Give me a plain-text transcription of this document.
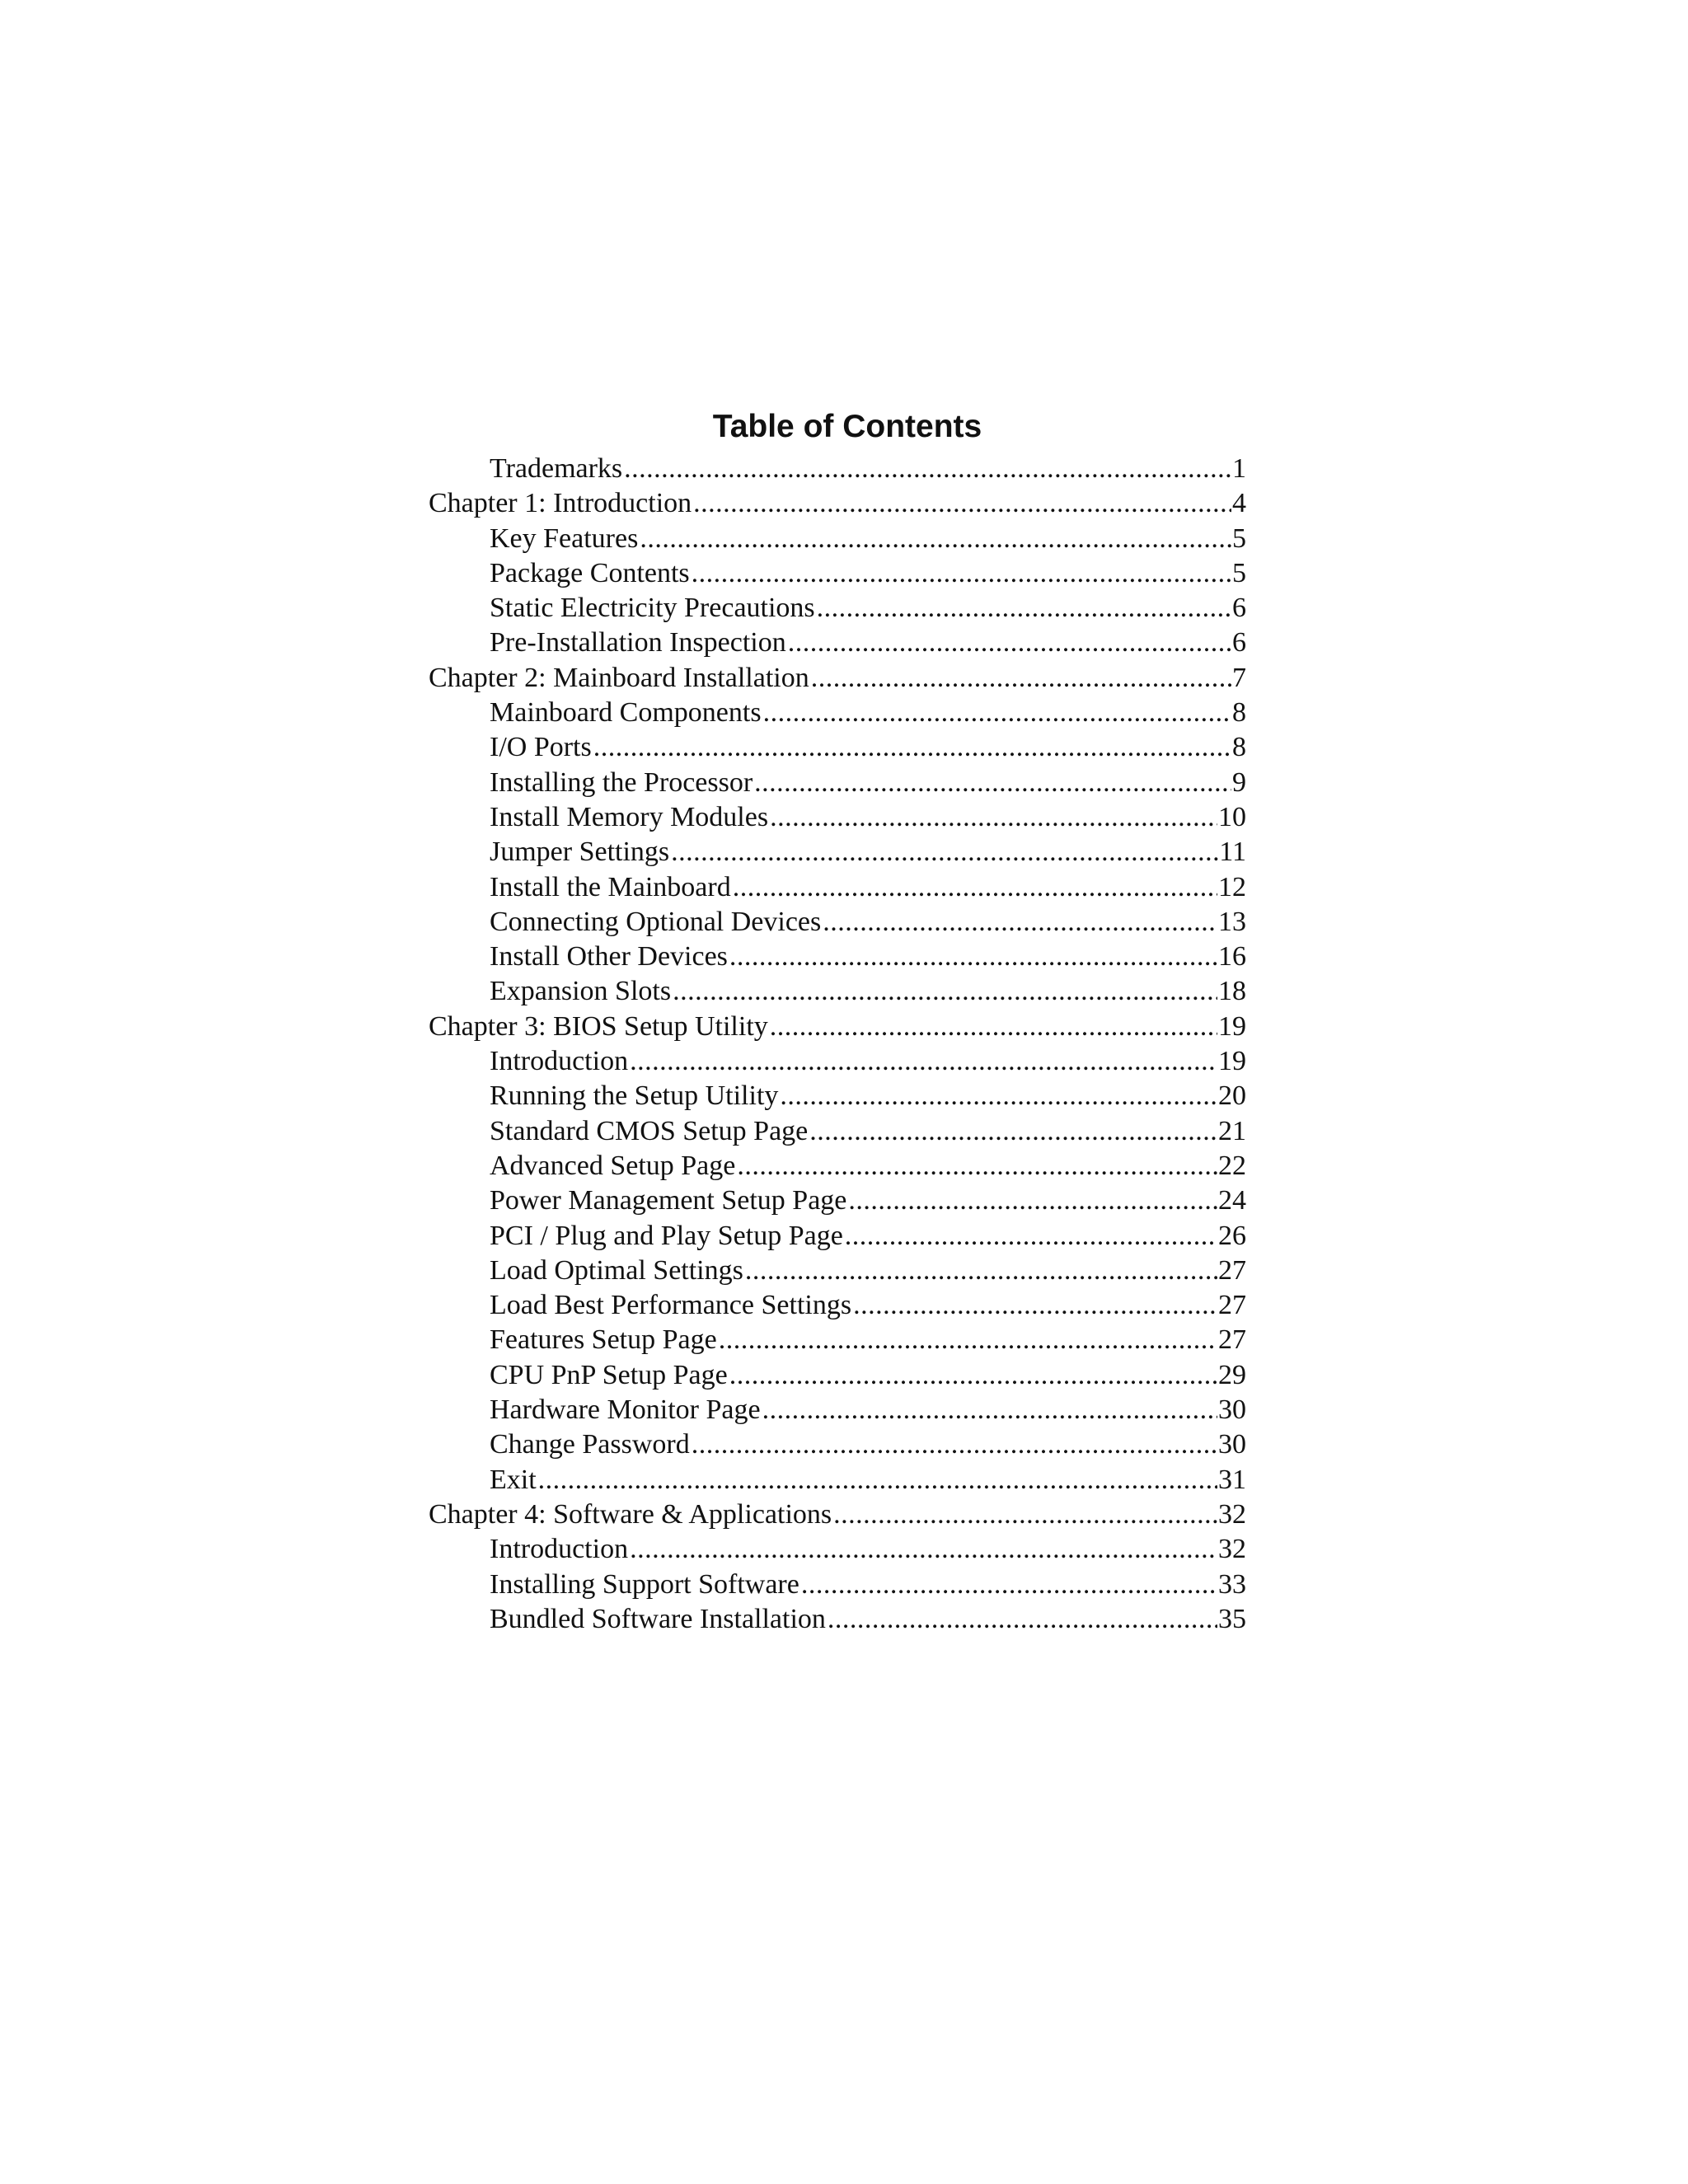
Table of Contents
Trademarks .....	1
Chapter 1: Introduction .....	4
Key Features .....	5
Package Contents .....	5
Static Electricity Precautions .....	6
Pre-Installation Inspection .....	6
Chapter 2: Mainboard Installation .....	7
Mainboard Components .....	8
I/O Ports .....	8
Installing the Processor .....	9
Install Memory Modules .....	10
Jumper Settings .....	11
Install the Mainboard .....	12
Connecting Optional Devices .....	13
Install Other Devices .....	16
Expansion Slots .....	18
Chapter 3: BIOS Setup Utility .....	19
Introduction .....	19
Running the Setup Utility .....	20
Standard CMOS Setup Page .....	21
Advanced Setup Page .....	22
Power Management Setup Page .....	24
PCI / Plug and Play Setup Page .....	26
Load Optimal Settings .....	27
Load Best Performance Settings .....	27
Features Setup Page .....	27
CPU PnP Setup Page .....	29
Hardware Monitor Page .....	30
Change Password .....	30
Exit .....	31
Chapter 4: Software & Applications .....	32
Introduction .....	32
Installing Support Software .....	33
Bundled Software Installation .....	35
